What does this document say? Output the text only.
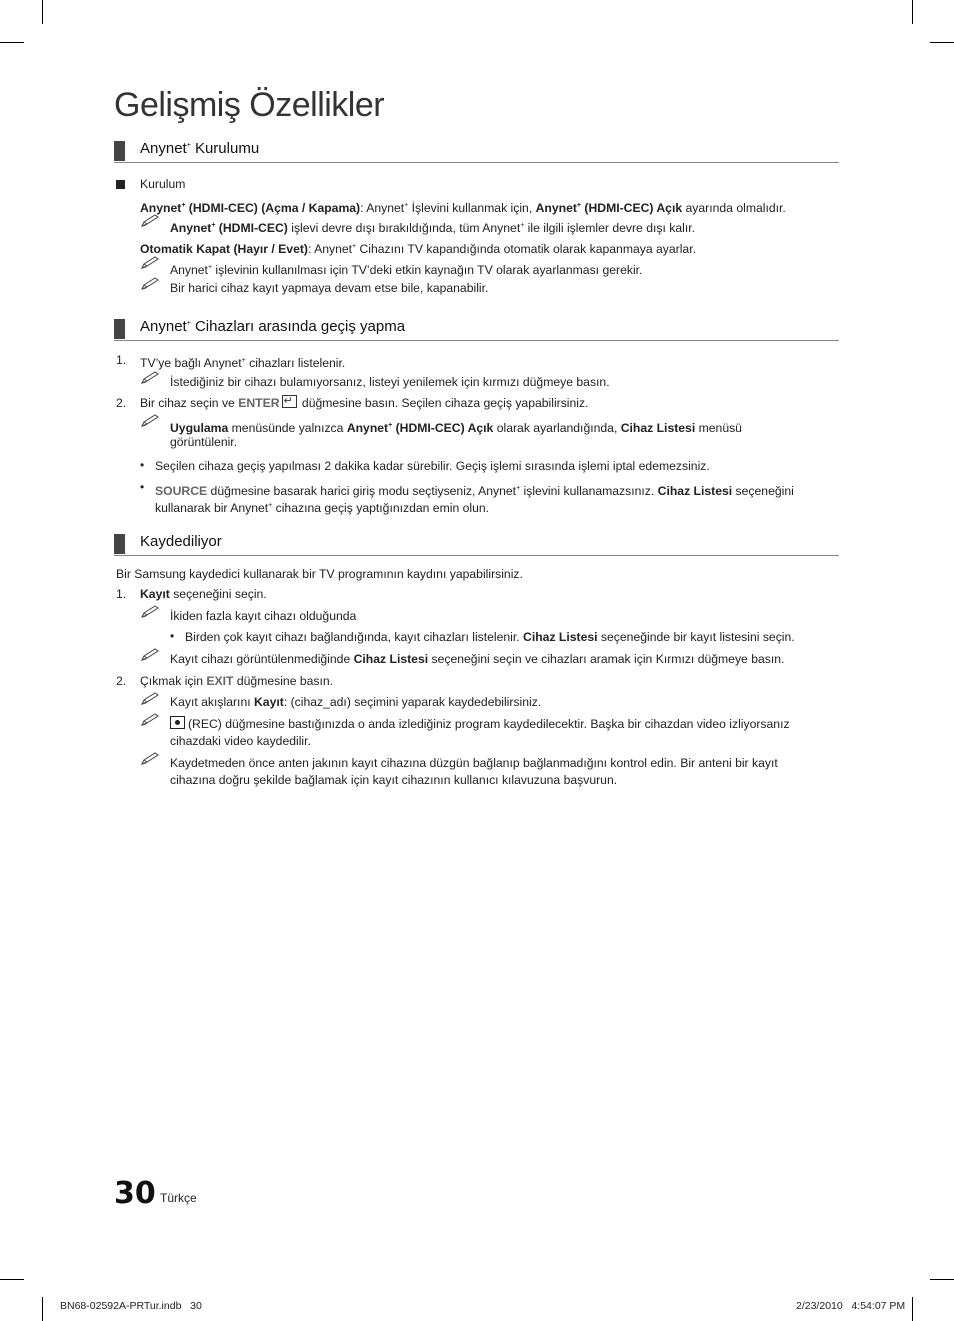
Gelişmiş Özellikler
Anynet+ Kurulumu
Kurulum
Anynet+ (HDMI-CEC) (Açma / Kapama): Anynet+ İşlevini kullanmak için, Anynet+ (HDMI-CEC) Açık ayarında olmalıdır.
Anynet+ (HDMI-CEC) işlevi devre dışı bırakıldığında, tüm Anynet+ ile ilgili işlemler devre dışı kalır.
Otomatik Kapat (Hayır / Evet): Anynet+ Cihazını TV kapandığında otomatik olarak kapanmaya ayarlar.
Anynet+ işlevinin kullanılması için TV’deki etkin kaynağın TV olarak ayarlanması gerekir.
Bir harici cihaz kayıt yapmaya devam etse bile, kapanabilir.
Anynet+ Cihazları arasında geçiş yapma
1. TV’ye bağlı Anynet+ cihazları listelenir.
İstediğiniz bir cihazı bulamıyorsanız, listeyi yenilemek için kırmızı düğmeye basın.
2. Bir cihaz seçin ve ENTER↵ düğmesine basın. Seçilen cihaza geçiş yapabilirsiniz.
Uygulama menüsünde yalnızca Anynet+ (HDMI-CEC) Açık olarak ayarlandığında, Cihaz Listesi menüsü
görüntülenir.
• Seçilen cihaza geçiş yapılması 2 dakika kadar sürebilir. Geçiş işlemi sırasında işlemi iptal edemezsiniz.
• SOURCE düğmesine basarak harici giriş modu seçtiyseniz, Anynet+ işlevini kullanamazsınız. Cihaz Listesi seçeneğini
kullanarak bir Anynet+ cihazına geçiş yaptığınızdan emin olun.
Kaydediliyor
Bir Samsung kaydedici kullanarak bir TV programının kaydını yapabilirsiniz.
1. Kayıt seçeneğini seçin.
İkiden fazla kayıt cihazı olduğunda
• Birden çok kayıt cihazı bağlandığında, kayıt cihazları listelenir. Cihaz Listesi seçeneğinde bir kayıt listesini seçin.
Kayıt cihazı görüntülenmediğinde Cihaz Listesi seçeneğini seçin ve cihazları aramak için Kırmızı düğmeye basın.
2. Çıkmak için EXIT düğmesine basın.
Kayıt akışlarını Kayıt: (cihaz_adı) seçimini yaparak kaydedebilirsiniz.
(REC) düğmesine bastığınızda o anda izlediğiniz program kaydedilecektir. Başka bir cihazdan video izliyorsanız
cihazdaki video kaydedilir.
Kaydetmeden önce anten jakının kayıt cihazına düzgün bağlanıp bağlanmadığını kontrol edin. Bir anteni bir kayıt
cihazına doğru şekilde bağlamak için kayıt cihazının kullanıcı kılavuzuna başvurun.
30 Türkçe
BN68-02592A-PRTur.indb   30	2/23/2010   4:54:07 PM
